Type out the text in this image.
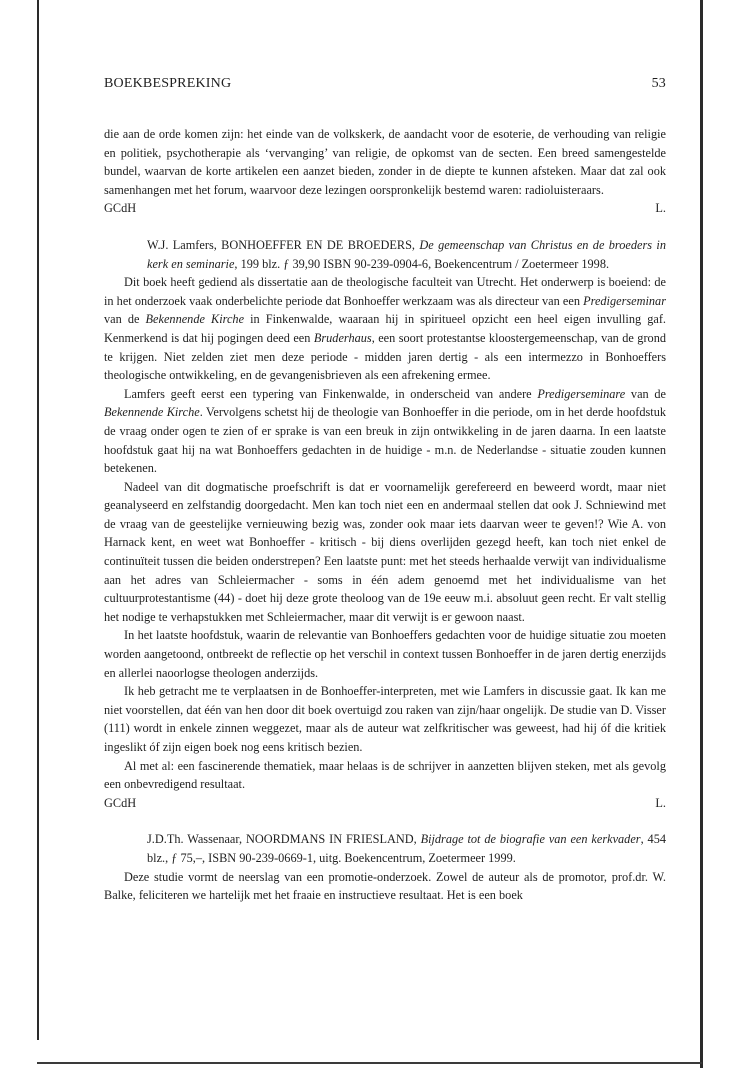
BOEKBESPREKING	53

die aan de orde komen zijn: het einde van de volkskerk, de aandacht voor de esoterie, de verhouding van religie en politiek, psychotherapie als ‘vervanging’ van religie, de opkomst van de secten. Een breed samengestelde bundel, waarvan de korte artikelen een aanzet bieden, zonder in de diepte te kunnen afsteken. Maar dat zal ook samenhangen met het forum, waarvoor deze lezingen oorspronkelijk bestemd waren: radioluisteraars.

GCdH	L.

W.J. Lamfers, BONHOEFFER EN DE BROEDERS, De gemeenschap van Christus en de broeders in kerk en seminarie, 199 blz. ƒ 39,90 ISBN 90-239-0904-6, Boekencentrum / Zoetermeer 1998.

Dit boek heeft gediend als dissertatie aan de theologische faculteit van Utrecht. Het onderwerp is boeiend: de in het onderzoek vaak onderbelichte periode dat Bonhoeffer werkzaam was als directeur van een Predigerseminar van de Bekennende Kirche in Finkenwalde, waaraan hij in spiritueel opzicht een heel eigen invulling gaf. Kenmerkend is dat hij pogingen deed een Bruderhaus, een soort protestantse kloostergemeenschap, van de grond te krijgen. Niet zelden ziet men deze periode - midden jaren dertig - als een intermezzo in Bonhoeffers theologische ontwikkeling, en de gevangenisbrieven als een afrekening ermee.

Lamfers geeft eerst een typering van Finkenwalde, in onderscheid van andere Predigerseminare van de Bekennende Kirche. Vervolgens schetst hij de theologie van Bonhoeffer in die periode, om in het derde hoofdstuk de vraag onder ogen te zien of er sprake is van een breuk in zijn ontwikkeling in de jaren daarna. In een laatste hoofdstuk gaat hij na wat Bonhoeffers gedachten in de huidige - m.n. de Nederlandse - situatie zouden kunnen betekenen.

Nadeel van dit dogmatische proefschrift is dat er voornamelijk gerefereerd en beweerd wordt, maar niet geanalyseerd en zelfstandig doorgedacht. Men kan toch niet een en andermaal stellen dat ook J. Schniewind met de vraag van de geestelijke vernieuwing bezig was, zonder ook maar iets daarvan weer te geven!? Wie A. von Harnack kent, en weet wat Bonhoeffer - kritisch - bij diens overlijden gezegd heeft, kan toch niet enkel de continuïteit tussen die beiden onderstrepen? Een laatste punt: met het steeds herhaalde verwijt van individualisme aan het adres van Schleiermacher - soms in één adem genoemd met het individualisme van het cultuurprotestantisme (44) - doet hij deze grote theoloog van de 19e eeuw m.i. absoluut geen recht. Er valt stellig het nodige te verhapstukken met Schleiermacher, maar dit verwijt is er gewoon naast.

In het laatste hoofdstuk, waarin de relevantie van Bonhoeffers gedachten voor de huidige situatie zou moeten worden aangetoond, ontbreekt de reflectie op het verschil in context tussen Bonhoeffer in de jaren dertig enerzijds en allerlei naoorlogse theologen anderzijds.

Ik heb getracht me te verplaatsen in de Bonhoeffer-interpreten, met wie Lamfers in discussie gaat. Ik kan me niet voorstellen, dat één van hen door dit boek overtuigd zou raken van zijn/haar ongelijk. De studie van D. Visser (111) wordt in enkele zinnen weggezet, maar als de auteur wat zelfkritischer was geweest, had hij óf die kritiek ingeslikt óf zijn eigen boek nog eens kritisch bezien.

Al met al: een fascinerende thematiek, maar helaas is de schrijver in aanzetten blijven steken, met als gevolg een onbevredigend resultaat.

GCdH	L.

J.D.Th. Wassenaar, NOORDMANS IN FRIESLAND, Bijdrage tot de biografie van een kerkvader, 454 blz., ƒ 75,–, ISBN 90-239-0669-1, uitg. Boekencentrum, Zoetermeer 1999.

Deze studie vormt de neerslag van een promotie-onderzoek. Zowel de auteur als de promotor, prof.dr. W. Balke, feliciteren we hartelijk met het fraaie en instructieve resultaat. Het is een boek
